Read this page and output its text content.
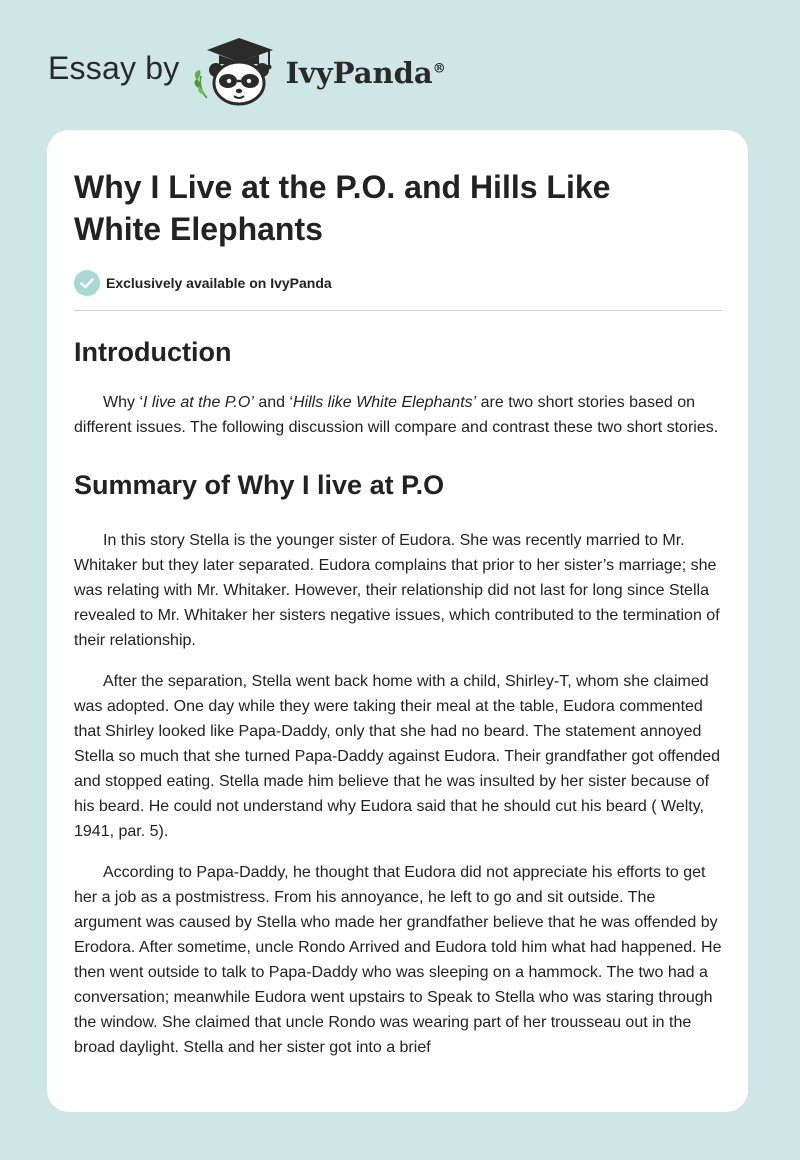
Essay by	IvyPanda®
Why I Live at the P.O. and Hills Like White Elephants
Exclusively available on IvyPanda
Introduction

Why ‘I live at the P.O’ and ‘Hills like White Elephants’ are two short stories based on different issues. The following discussion will compare and contrast these two short stories.

Summary of Why I live at P.O

In this story Stella is the younger sister of Eudora. She was recently married to Mr. Whitaker but they later separated. Eudora complains that prior to her sister’s marriage; she was relating with Mr. Whitaker. However, their relationship did not last for long since Stella revealed to Mr. Whitaker her sisters negative issues, which contributed to the termination of their relationship.

After the separation, Stella went back home with a child, Shirley-T, whom she claimed was adopted. One day while they were taking their meal at the table, Eudora commented that Shirley looked like Papa-Daddy, only that she had no beard. The statement annoyed Stella so much that she turned Papa-Daddy against Eudora. Their grandfather got offended and stopped eating. Stella made him believe that he was insulted by her sister because of his beard. He could not understand why Eudora said that he should cut his beard ( Welty, 1941, par. 5).

According to Papa-Daddy, he thought that Eudora did not appreciate his efforts to get her a job as a postmistress. From his annoyance, he left to go and sit outside. The argument was caused by Stella who made her grandfather believe that he was offended by Erodora. After sometime, uncle Rondo Arrived and Eudora told him what had happened. He then went outside to talk to Papa-Daddy who was sleeping on a hammock. The two had a conversation; meanwhile Eudora went upstairs to Speak to Stella who was staring through the window. She claimed that uncle Rondo was wearing part of her trousseau out in the broad daylight. Stella and her sister got into a brief
